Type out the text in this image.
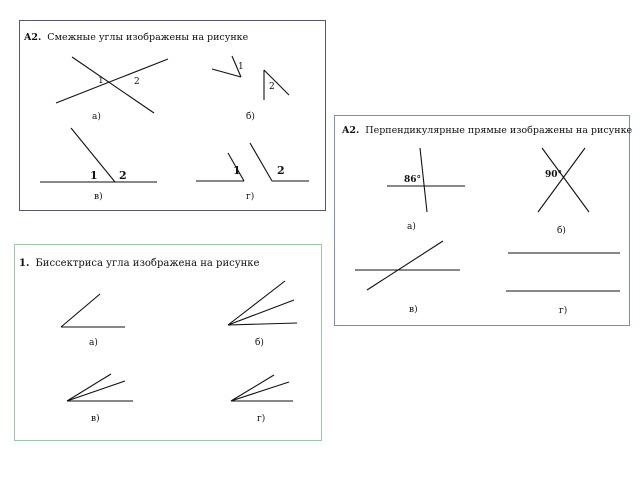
A2. Смежные углы изображены на рисунке
1	2
а)
1
2
б)
1 2
в)
1	2
г)
A2. Перпендикулярные прямые изображены на рисунке
86°
а)
90°
б)
в)	г)
1. Биссектриса угла изображена на рисунке
а)	б)
в)	г)
